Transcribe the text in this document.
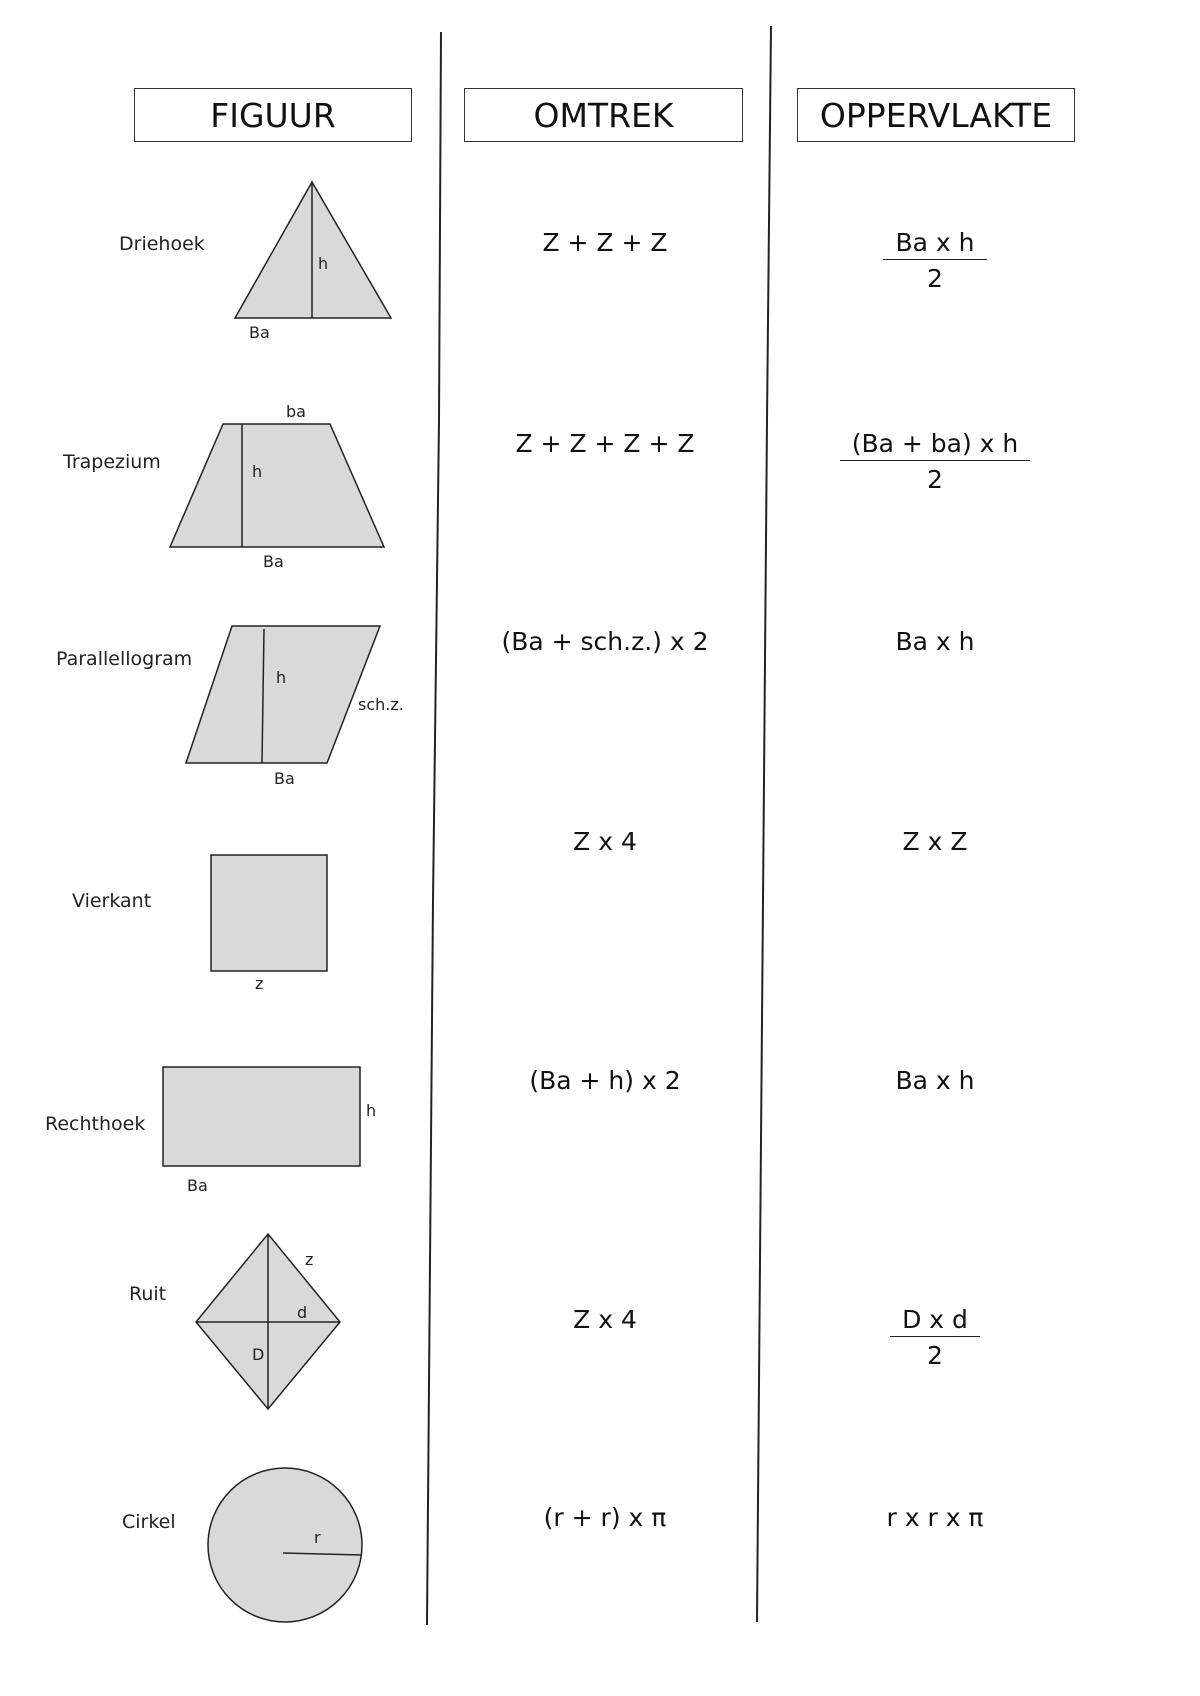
FIGUUR	OMTREK	OPPERVLAKTE
Driehoek
h
Ba
Z + Z + Z	$\frac{\text{Ba x h}}{2}$
Trapezium
ba
h
Ba
Z + Z + Z + Z	$\frac{\text{(Ba + ba) x h}}{2}$
Parallellogram
h
sch.z.
Ba
(Ba + sch.z.) x 2	Ba x h
Vierkant
z
Z x 4	Z x Z
Rechthoek
h
Ba
(Ba + h) x 2	Ba x h
Ruit
z
d
D
Z x 4	$\frac{\text{D x d}}{2}$
Cirkel
r
(r + r) x π	r x r x π
